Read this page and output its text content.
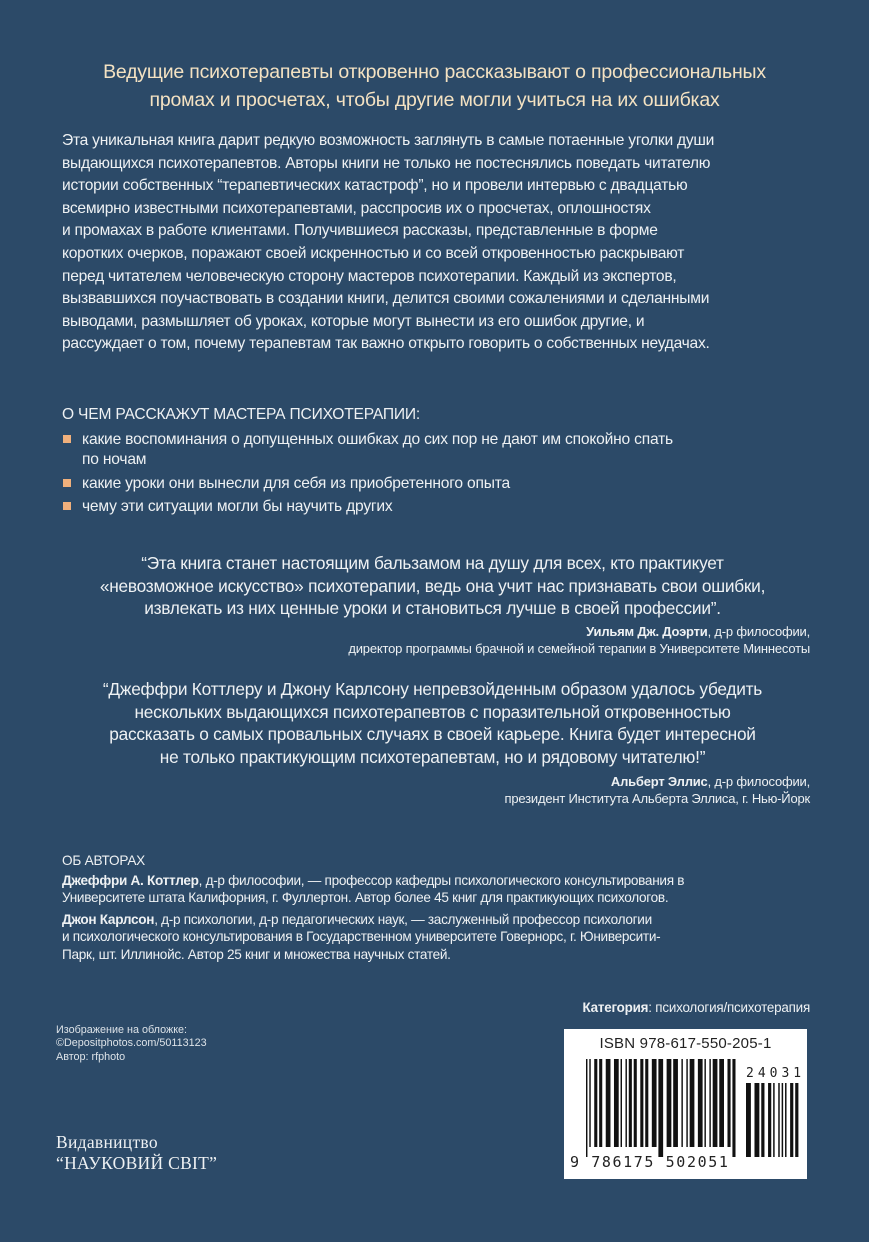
Ведущие психотерапевты откровенно рассказывают о профессиональных
промах и просчетах, чтобы другие могли учиться на их ошибках

Эта уникальная книга дарит редкую возможность заглянуть в самые потаенные уголки души

выдающихся психотерапевтов. Авторы книги не только не постеснялись поведать читателю

истории собственных “терапевтических катастроф”, но и провели интервью с двадцатью

всемирно известными психотерапевтами, расспросив их о просчетах, оплошностях

и промахах в работе клиентами. Получившиеся рассказы, представленные в форме

коротких очерков, поражают своей искренностью и со всей откровенностью раскрывают

перед читателем человеческую сторону мастеров психотерапии. Каждый из экспертов,

вызвавшихся поучаствовать в создании книги, делится своими сожалениями и сделанными

выводами, размышляет об уроках, которые могут вынести из его ошибок другие, и

рассуждает о том, почему терапевтам так важно открыто говорить о собственных неудачах.

О ЧЕМ РАССКАЖУТ МАСТЕРА ПСИХОТЕРАПИИ:
какие воспоминания о допущенных ошибках до сих пор не дают им спокойно спать
по ночам
какие уроки они вынесли для себя из приобретенного опыта
чему эти ситуации могли бы научить других

“Эта книга станет настоящим бальзамом на душу для всех, кто практикует

«невозможное искусство» психотерапии, ведь она учит нас признавать свои ошибки,

извлекать из них ценные уроки и становиться лучше в своей профессии”.

Уильям Дж. Доэрти, д-р философии,
директор программы брачной и семейной терапии в Университете Миннесоты

“Джеффри Коттлеру и Джону Карлсону непревзойденным образом удалось убедить

нескольких выдающихся психотерапевтов с поразительной откровенностью

рассказать о самых провальных случаях в своей карьере. Книга будет интересной

не только практикующим психотерапевтам, но и рядовому читателю!”

Альберт Эллис, д-р философии,
президент Института Альберта Эллиса, г. Нью-Йорк
ОБ АВТОРАХ
Джеффри А. Коттлер, д-р философии, — профессор кафедры психологического консультирования в
Университете штата Калифорния, г. Фуллертон. Автор более 45 книг для практикующих психологов.
Джон Карлсон, д-р психологии, д-р педагогических наук, — заслуженный профессор психологии
и психологического консультирования в Государственном университете Говернорс, г. Юниверсити-
Парк, шт. Иллинойс. Автор 25 книг и множества научных статей.
Изображение на обложке:
©Depositphotos.com/50113123
Автор: rfphoto
Видавництво
“НАУКОВИЙ СВІТ”
Категория: психология/психотерапия
ISBN 978-617-550-205-1
24031
9 786175 502051
